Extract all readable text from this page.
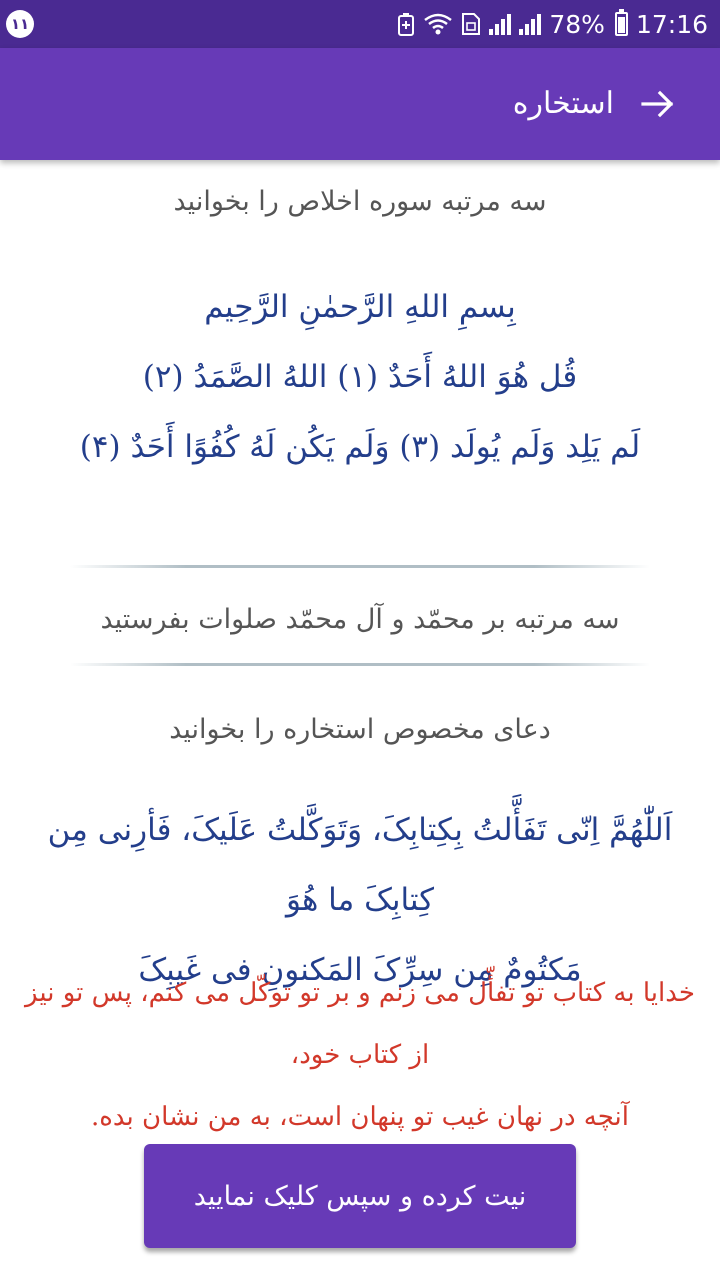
۱۱	78% 17:16
استخاره
سه مرتبه سوره اخلاص را بخوانید
بِسمِ اللهِ الرَّحمٰنِ الرَّحِیم
قُل هُوَ اللهُ أَحَدٌ (۱) اللهُ الصَّمَدُ (۲)
لَم یَلِد وَلَم یُولَد (۳) وَلَم یَکُن لَهُ کُفُوًا أَحَدٌ (۴)
سه مرتبه بر محمّد و آل محمّد صلوات بفرستید
دعای مخصوص استخاره را بخوانید
اَللّٰهُمَّ اِنّی تَفَأَّلتُ بِکِتابِکَ، وَتَوَکَّلتُ عَلَیکَ، فَأرِنی مِن کِتابِکَ ما هُوَ
مَکتُومٌ مِن سِرِّکَ المَکنونِ فی غَیبِکَ
خدایا به کتاب تو تفأّل می زنم و بر تو توکّل می کنم، پس تو نیز از کتاب خود،
آنچه در نهان غیب تو پنهان است، به من نشان بده.
نیت کرده و سپس کلیک نمایید
